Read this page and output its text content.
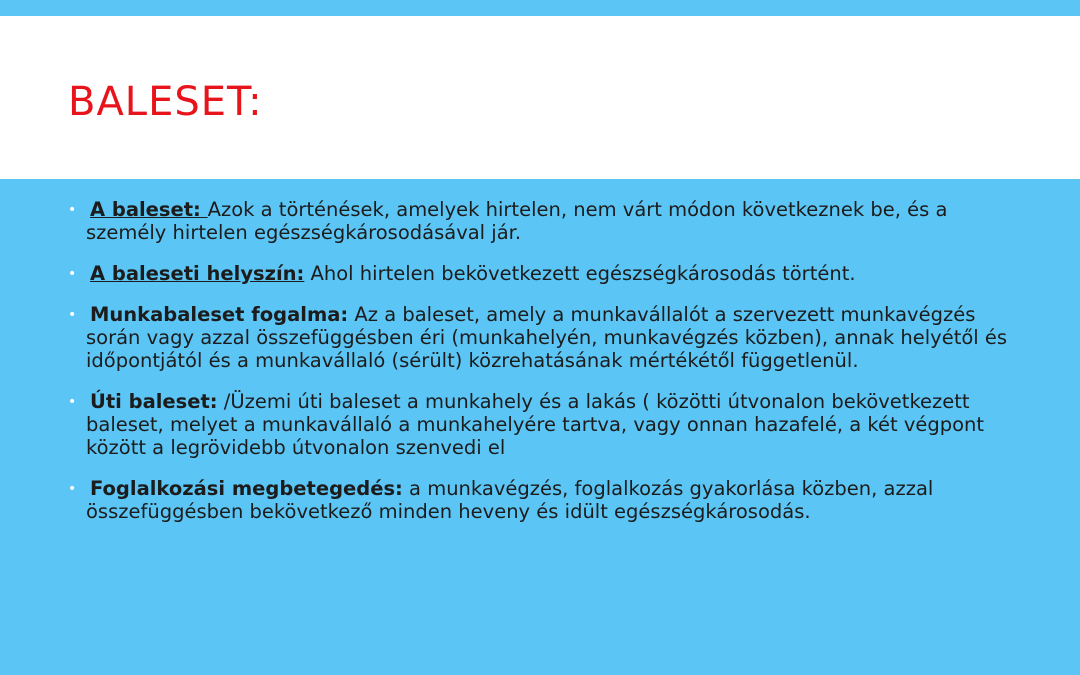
BALESET:
• A baleset: Azok a történések, amelyek hirtelen, nem várt módon következnek be, és a személy hirtelen egészségkárosodásával jár.
• A baleseti helyszín: Ahol hirtelen bekövetkezett egészségkárosodás történt.
• Munkabaleset fogalma: Az a baleset, amely a munkavállalót a szervezett munkavégzés során vagy azzal összefüggésben éri (munkahelyén, munkavégzés közben), annak helyétől és időpontjától és a munkavállaló (sérült) közrehatásának mértékétől függetlenül.
• Úti baleset: /Üzemi úti baleset a munkahely és a lakás ( közötti útvonalon bekövetkezett baleset, melyet a munkavállaló a munkahelyére tartva, vagy onnan hazafelé, a két végpont között a legrövidebb útvonalon szenvedi el
• Foglalkozási megbetegedés: a munkavégzés, foglalkozás gyakorlása közben, azzal összefüggésben bekövetkező minden heveny és idült egészségkárosodás.
